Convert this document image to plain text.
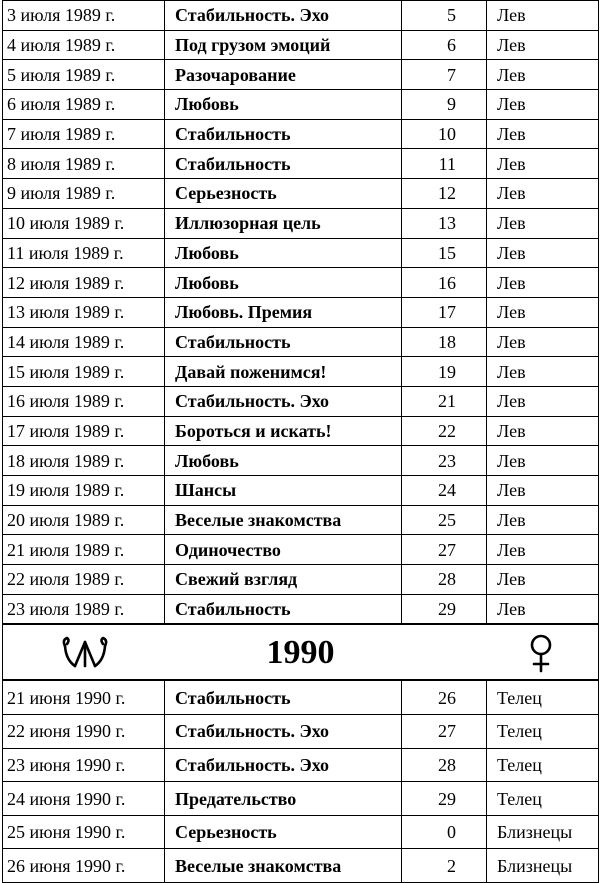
3 июля 1989 г.	Стабильность. Эхо	5	Лев
4 июля 1989 г.	Под грузом эмоций	6	Лев
5 июля 1989 г.	Разочарование	7	Лев
6 июля 1989 г.	Любовь	9	Лев
7 июля 1989 г.	Стабильность	10	Лев
8 июля 1989 г.	Стабильность	11	Лев
9 июля 1989 г.	Серьезность	12	Лев
10 июля 1989 г.	Иллюзорная цель	13	Лев
11 июля 1989 г.	Любовь	15	Лев
12 июля 1989 г.	Любовь	16	Лев
13 июля 1989 г.	Любовь. Премия	17	Лев
14 июля 1989 г.	Стабильность	18	Лев
15 июля 1989 г.	Давай поженимся!	19	Лев
16 июля 1989 г.	Стабильность. Эхо	21	Лев
17 июля 1989 г.	Бороться и искать!	22	Лев
18 июля 1989 г.	Любовь	23	Лев
19 июля 1989 г.	Шансы	24	Лев
20 июля 1989 г.	Веселые знакомства	25	Лев
21 июля 1989 г.	Одиночество	27	Лев
22 июля 1989 г.	Свежий взгляд	28	Лев
23 июля 1989 г.	Стабильность	29	Лев

1990			

21 июня 1990 г.	Стабильность	26	Телец
22 июня 1990 г.	Стабильность. Эхо	27	Телец
23 июня 1990 г.	Стабильность. Эхо	28	Телец
24 июня 1990 г.	Предательство	29	Телец
25 июня 1990 г.	Серьезность	0	Близнецы
26 июня 1990 г.	Веселые знакомства	2	Близнецы
